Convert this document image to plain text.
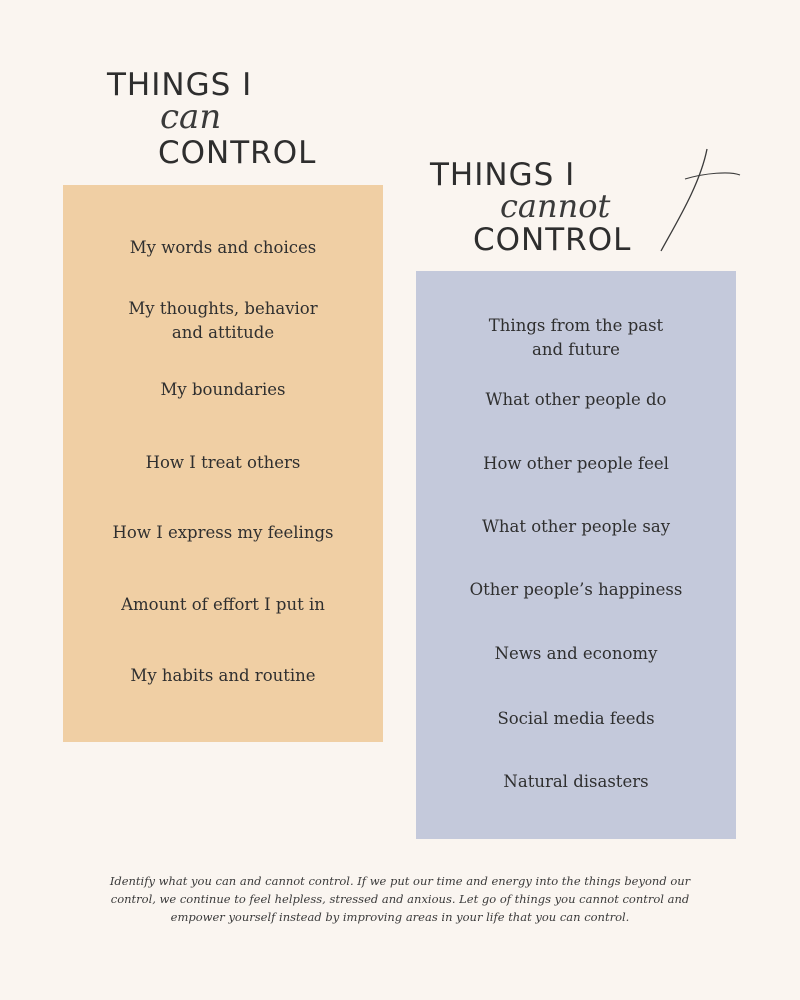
THINGS I
can
CONTROL
THINGS I
cannot
CONTROL
My words and choices
My thoughts, behavior and attitude
My boundaries
How I treat others
How I express my feelings
Amount of effort I put in
My habits and routine
Things from the past and future
What other people do
How other people feel
What other people say
Other people’s happiness
News and economy
Social media feeds
Natural disasters
Identify what you can and cannot control. If we put our time and energy into the things beyond our control, we continue to feel helpless, stressed and anxious. Let go of things you cannot control and empower yourself instead by improving areas in your life that you can control.
